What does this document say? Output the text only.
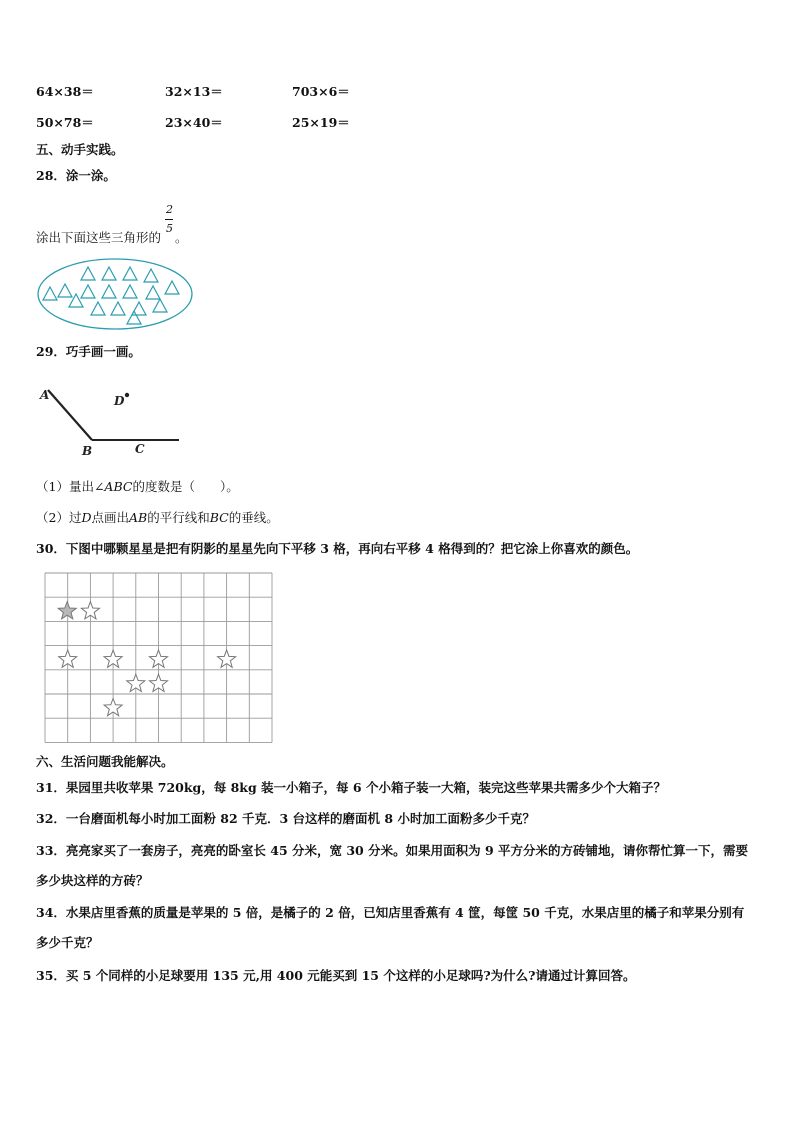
64×38＝	32×13＝	703×6＝
50×78＝	23×40＝	25×19＝
五、动手实践。
28．涂一涂。
涂出下面这些三角形的 $\frac{2}{5}$ 。
29．巧手画一画。
A
B	C
D
（1）量出∠ABC的度数是（　　）。
（2）过D点画出AB的平行线和BC的垂线。
30．下图中哪颗星星是把有阴影的星星先向下平移 3 格，再向右平移 4 格得到的？把它涂上你喜欢的颜色。
六、生活问题我能解决。
31．果园里共收苹果 720kg，每 8kg 装一小箱子，每 6 个小箱子装一大箱，装完这些苹果共需多少个大箱子？
32．一台磨面机每小时加工面粉 82 千克．3 台这样的磨面机 8 小时加工面粉多少千克？
33．亮亮家买了一套房子，亮亮的卧室长 45 分米，宽 30 分米。如果用面积为 9 平方分米的方砖铺地，请你帮忙算一下，需要多少块这样的方砖？
34．水果店里香蕉的质量是苹果的 5 倍，是橘子的 2 倍，已知店里香蕉有 4 筐，每筐 50 千克，水果店里的橘子和苹果分别有多少千克？
35．买 5 个同样的小足球要用 135 元,用 400 元能买到 15 个这样的小足球吗?为什么?请通过计算回答。
